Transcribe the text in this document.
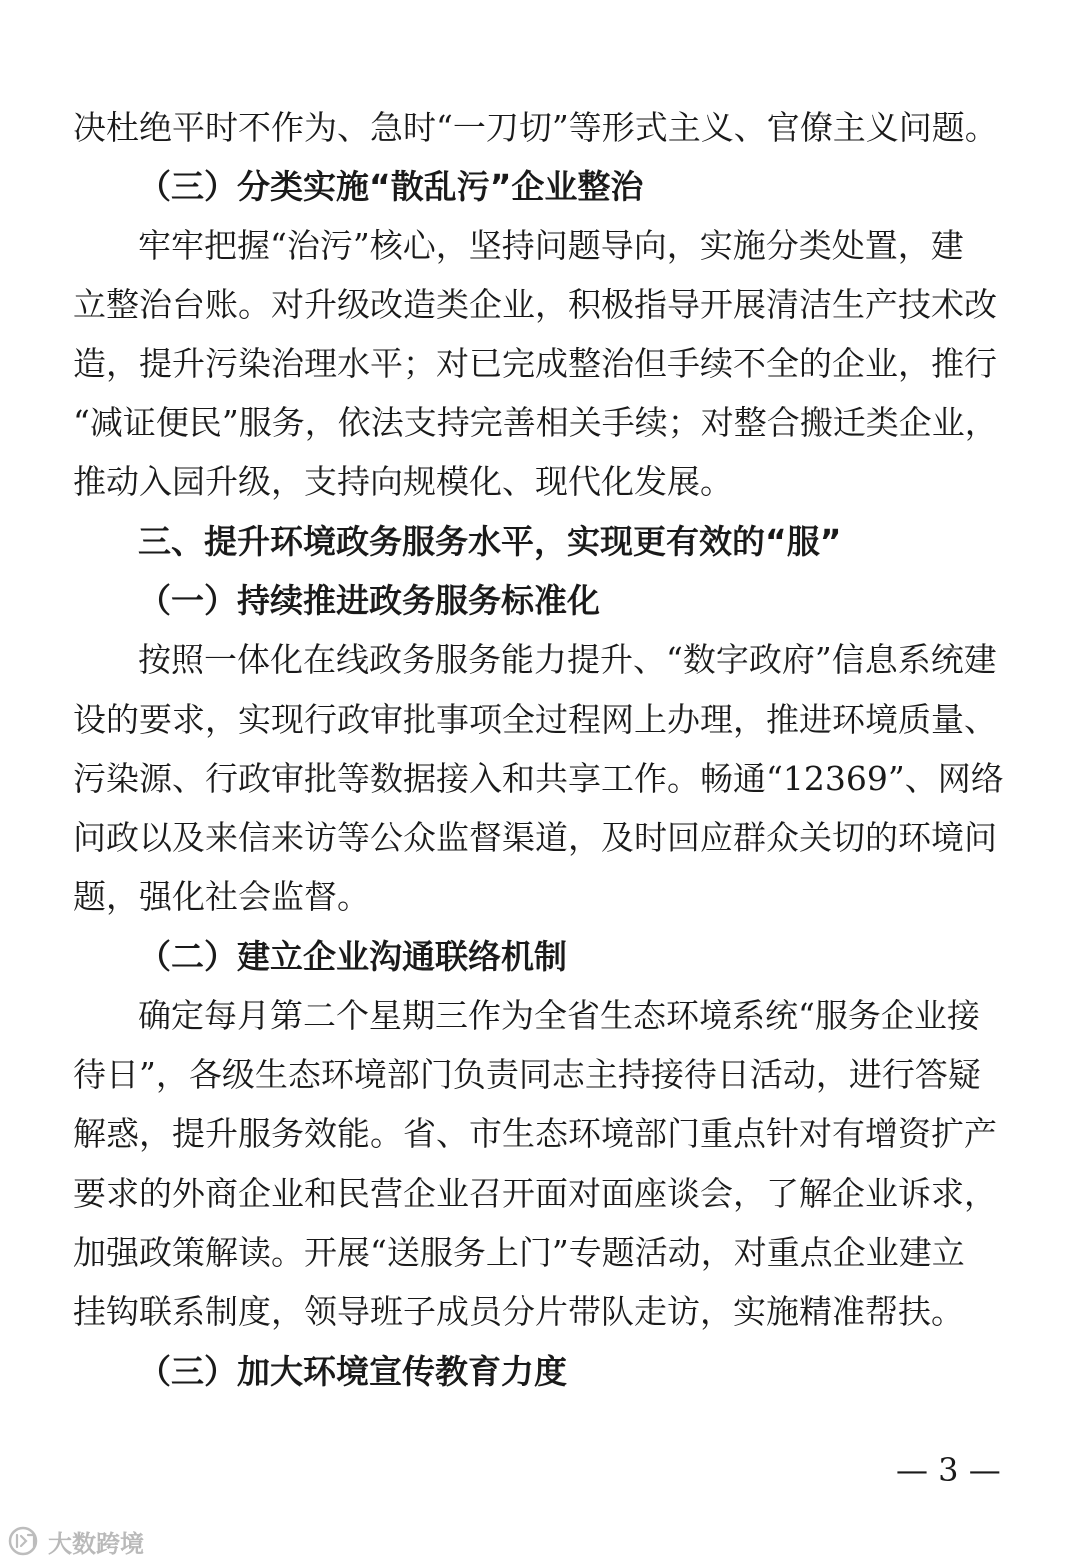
决杜绝平时不作为、急时“一刀切”等形式主义、官僚主义问题。
（三）分类实施“散乱污”企业整治
牢牢把握“治污”核心，坚持问题导向，实施分类处置，建
立整治台账。对升级改造类企业，积极指导开展清洁生产技术改
造，提升污染治理水平；对已完成整治但手续不全的企业，推行
“减证便民”服务，依法支持完善相关手续；对整合搬迁类企业，
推动入园升级，支持向规模化、现代化发展。
三、提升环境政务服务水平，实现更有效的“服”
（一）持续推进政务服务标准化
按照一体化在线政务服务能力提升、“数字政府”信息系统建
设的要求，实现行政审批事项全过程网上办理，推进环境质量、
污染源、行政审批等数据接入和共享工作。畅通“12369”、网络
问政以及来信来访等公众监督渠道，及时回应群众关切的环境问
题，强化社会监督。
（二）建立企业沟通联络机制
确定每月第二个星期三作为全省生态环境系统“服务企业接
待日”，各级生态环境部门负责同志主持接待日活动，进行答疑
解惑，提升服务效能。省、市生态环境部门重点针对有增资扩产
要求的外商企业和民营企业召开面对面座谈会，了解企业诉求，
加强政策解读。开展“送服务上门”专题活动，对重点企业建立
挂钩联系制度，领导班子成员分片带队走访，实施精准帮扶。
（三）加大环境宣传教育力度
— 3 —
大数跨境
